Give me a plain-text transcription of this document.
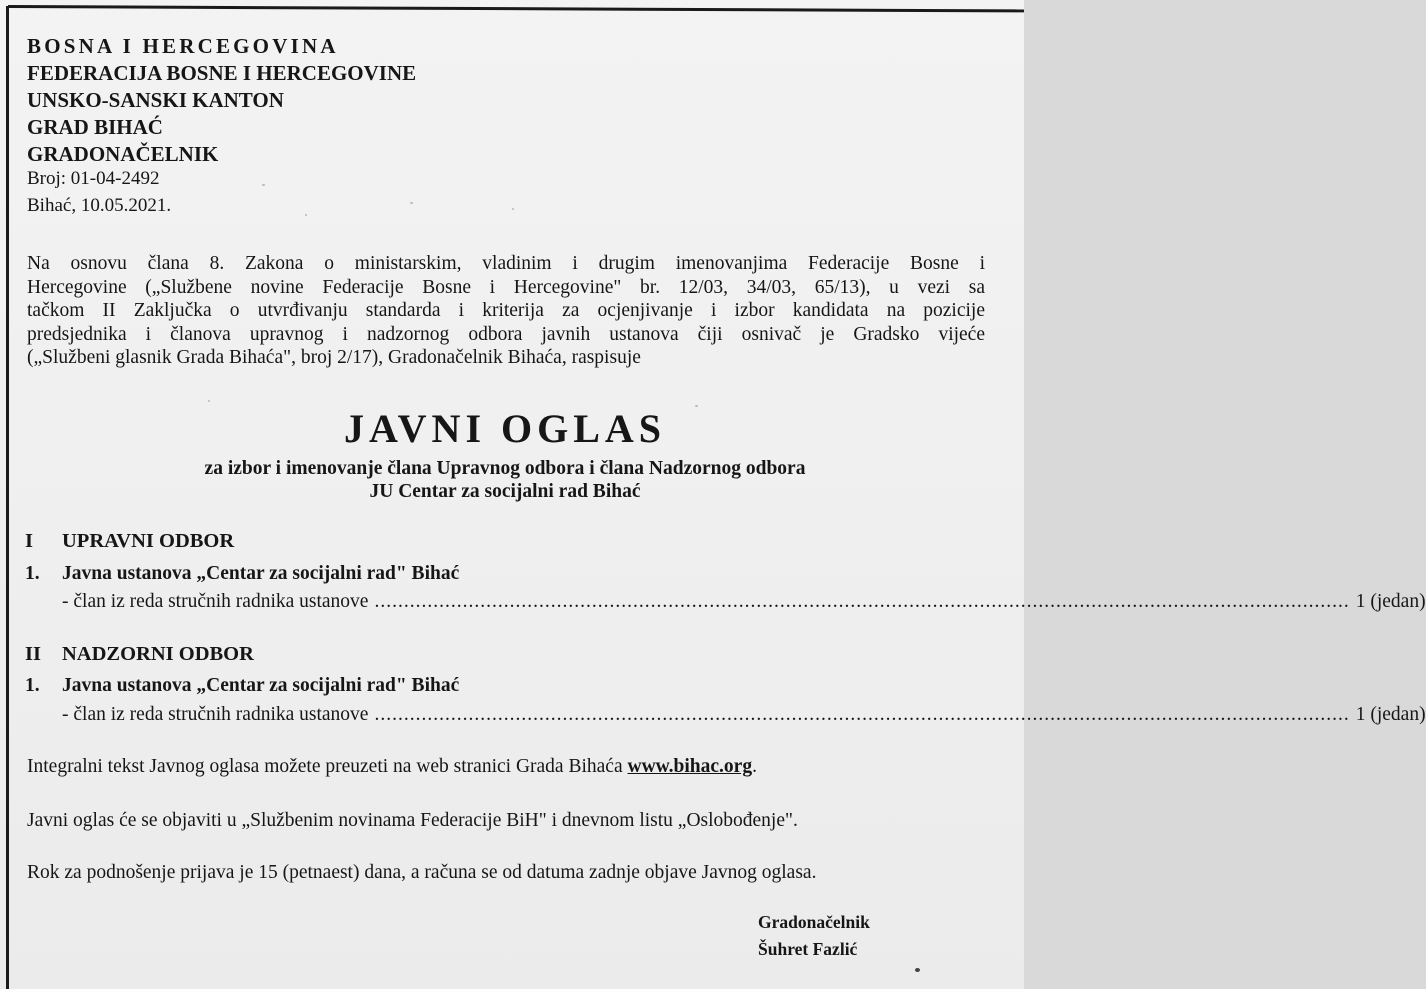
BOSNA I HERCEGOVINA
FEDERACIJA BOSNE I HERCEGOVINE
UNSKO-SANSKI KANTON
GRAD BIHAĆ
GRADONAČELNIK
Broj: 01-04-2492
Bihać, 10.05.2021.
Na osnovu člana 8. Zakona o ministarskim, vladinim i drugim imenovanjima Federacije Bosne i
Hercegovine („Službene novine Federacije Bosne i Hercegovine" br. 12/03, 34/03, 65/13), u vezi sa
tačkom II Zaključka o utvrđivanju standarda i kriterija za ocjenjivanje i izbor kandidata na pozicije
predsjednika i članova upravnog i nadzornog odbora javnih ustanova čiji osnivač je Gradsko vijeće
(„Službeni glasnik Grada Bihaća", broj 2/17), Gradonačelnik Bihaća, raspisuje
JAVNI OGLAS
za izbor i imenovanje člana Upravnog odbora i člana Nadzornog odbora
JU Centar za socijalni rad Bihać
I UPRAVNI ODBOR
1. Javna ustanova „Centar za socijalni rad" Bihać
- član iz reda stručnih radnika ustanove ...................................................................................................................................................................... 1 (jedan)
II NADZORNI ODBOR
1. Javna ustanova „Centar za socijalni rad" Bihać
- član iz reda stručnih radnika ustanove ...................................................................................................................................................................... 1 (jedan)
Integralni tekst Javnog oglasa možete preuzeti na web stranici Grada Bihaća www.bihac.org.
Javni oglas će se objaviti u „Službenim novinama Federacije BiH" i dnevnom listu „Oslobođenje".
Rok za podnošenje prijava je 15 (petnaest) dana, a računa se od datuma zadnje objave Javnog oglasa.
Gradonačelnik
Šuhret Fazlić
